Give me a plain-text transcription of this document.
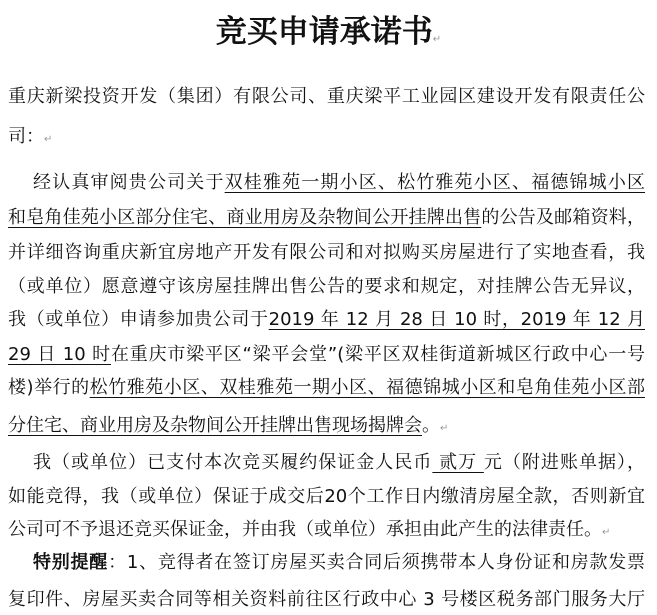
竞买申请承诺书↵
重庆新梁投资开发（集团）有限公司、重庆梁平工业园区建设开发有限责任公
司：↵
经认真审阅贵公司关于双桂雅苑一期小区、松竹雅苑小区、福德锦城小区
和皂角佳苑小区部分住宅、商业用房及杂物间公开挂牌出售的公告及邮箱资料，
并详细咨询重庆新宜房地产开发有限公司和对拟购买房屋进行了实地查看，我
（或单位）愿意遵守该房屋挂牌出售公告的要求和规定，对挂牌公告无异议，
我（或单位）申请参加贵公司于2019 年 12 月 28 日 10 时，2019 年 12 月
29 日 10 时在重庆市梁平区“梁平会堂”(梁平区双桂街道新城区行政中心一号
楼)举行的松竹雅苑小区、双桂雅苑一期小区、福德锦城小区和皂角佳苑小区部
分住宅、商业用房及杂物间公开挂牌出售现场揭牌会。↵
我（或单位）已支付本次竞买履约保证金人民币 贰万 元（附进账单据），
如能竞得，我（或单位）保证于成交后20个工作日内缴清房屋全款，否则新宜
公司可不予退还竞买保证金，并由我（或单位）承担由此产生的法律责任。↵
特别提醒：1、竞得者在签订房屋买卖合同后须携带本人身份证和房款发票
复印件、房屋买卖合同等相关资料前往区行政中心 3 号楼区税务部门服务大厅
